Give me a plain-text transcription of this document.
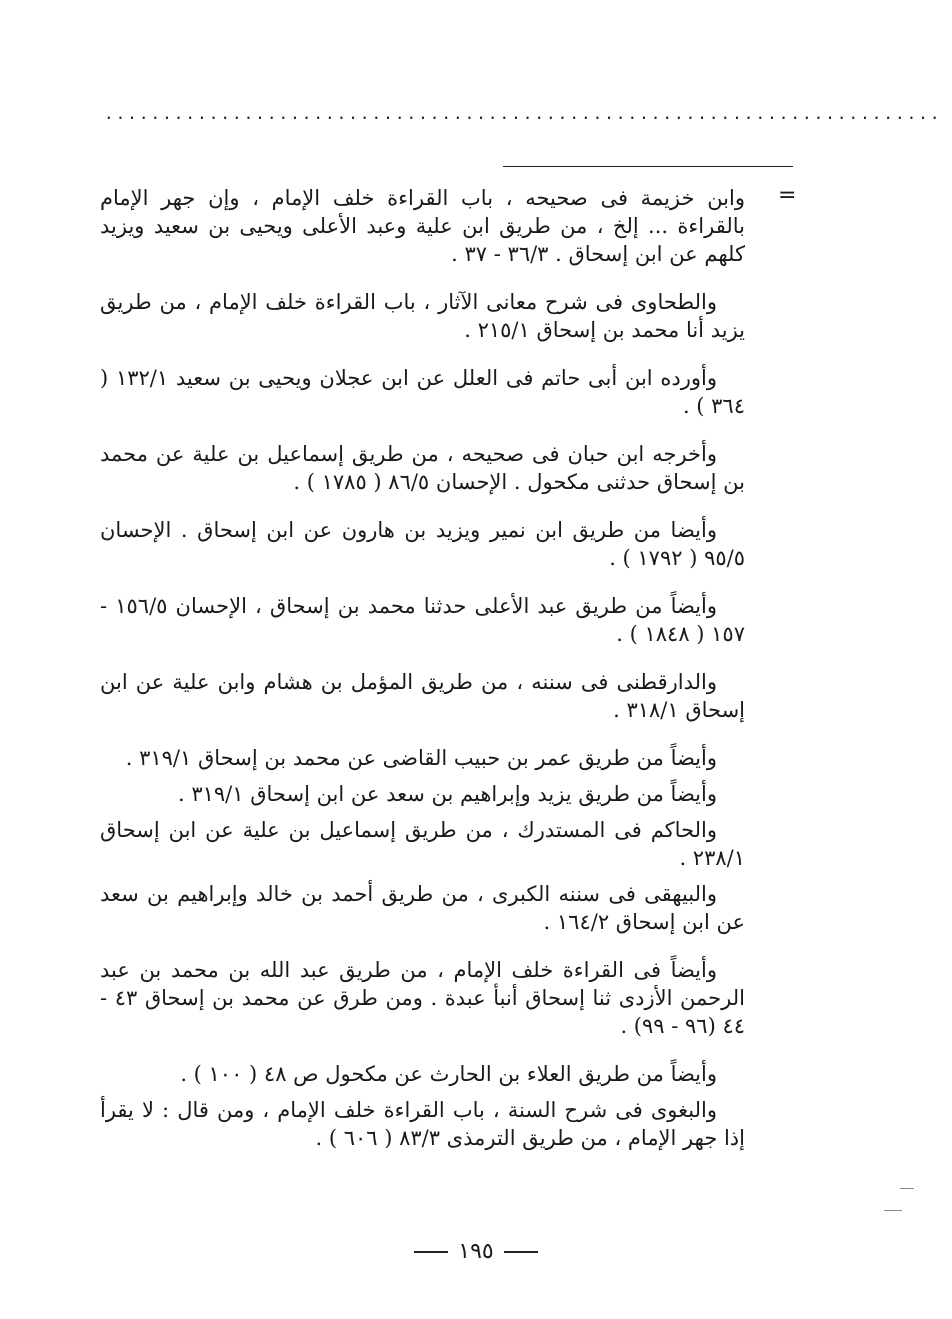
........................................................................
=

وابن خزيمة فى صحيحه ، باب القراءة خلف الإمام ، وإن جهر الإمام بالقراءة ... إلخ ، من طريق ابن علية وعبد الأعلى ويحيى بن سعيد ويزيد كلهم عن ابن إسحاق . ٣٦/٣ - ٣٧ .

والطحاوى فى شرح معانى الآثار ، باب القراءة خلف الإمام ، من طريق يزيد أنا محمد بن إسحاق ٢١٥/١ .

وأورده ابن أبى حاتم فى العلل عن ابن عجلان ويحيى بن سعيد ١٣٢/١ ( ٣٦٤ ) .

وأخرجه ابن حبان فى صحيحه ، من طريق إسماعيل بن علية عن محمد بن إسحاق حدثنى مكحول . الإحسان ٨٦/٥ ( ١٧٨٥ ) .

وأيضا من طريق ابن نمير ويزيد بن هارون عن ابن إسحاق . الإحسان ٩٥/٥ ( ١٧٩٢ ) .

وأيضاً من طريق عبد الأعلى حدثنا محمد بن إسحاق ، الإحسان ١٥٦/٥ - ١٥٧ ( ١٨٤٨ ) .

والدارقطنى فى سننه ، من طريق المؤمل بن هشام وابن علية عن ابن إسحاق ٣١٨/١ .

وأيضاً من طريق عمر بن حبيب القاضى عن محمد بن إسحاق ٣١٩/١ .

وأيضاً من طريق يزيد وإبراهيم بن سعد عن ابن إسحاق ٣١٩/١ .

والحاكم فى المستدرك ، من طريق إسماعيل بن علية عن ابن إسحاق ٢٣٨/١ .

والبيهقى فى سننه الكبرى ، من طريق أحمد بن خالد وإبراهيم بن سعد عن ابن إسحاق ١٦٤/٢ .

وأيضاً فى القراءة خلف الإمام ، من طريق عبد الله بن محمد بن عبد الرحمن الأزدى ثنا إسحاق أنبأ عبدة . ومن طرق عن محمد بن إسحاق ٤٣ - ٤٤ (٩٦ - ٩٩) .

وأيضاً من طريق العلاء بن الحارث عن مكحول ص ٤٨ ( ١٠٠ ) .

والبغوى فى شرح السنة ، باب القراءة خلف الإمام ، ومن قال : لا يقرأ إذا جهر الإمام ، من طريق الترمذى ٨٣/٣ ( ٦٠٦ ) .

١٩٥
